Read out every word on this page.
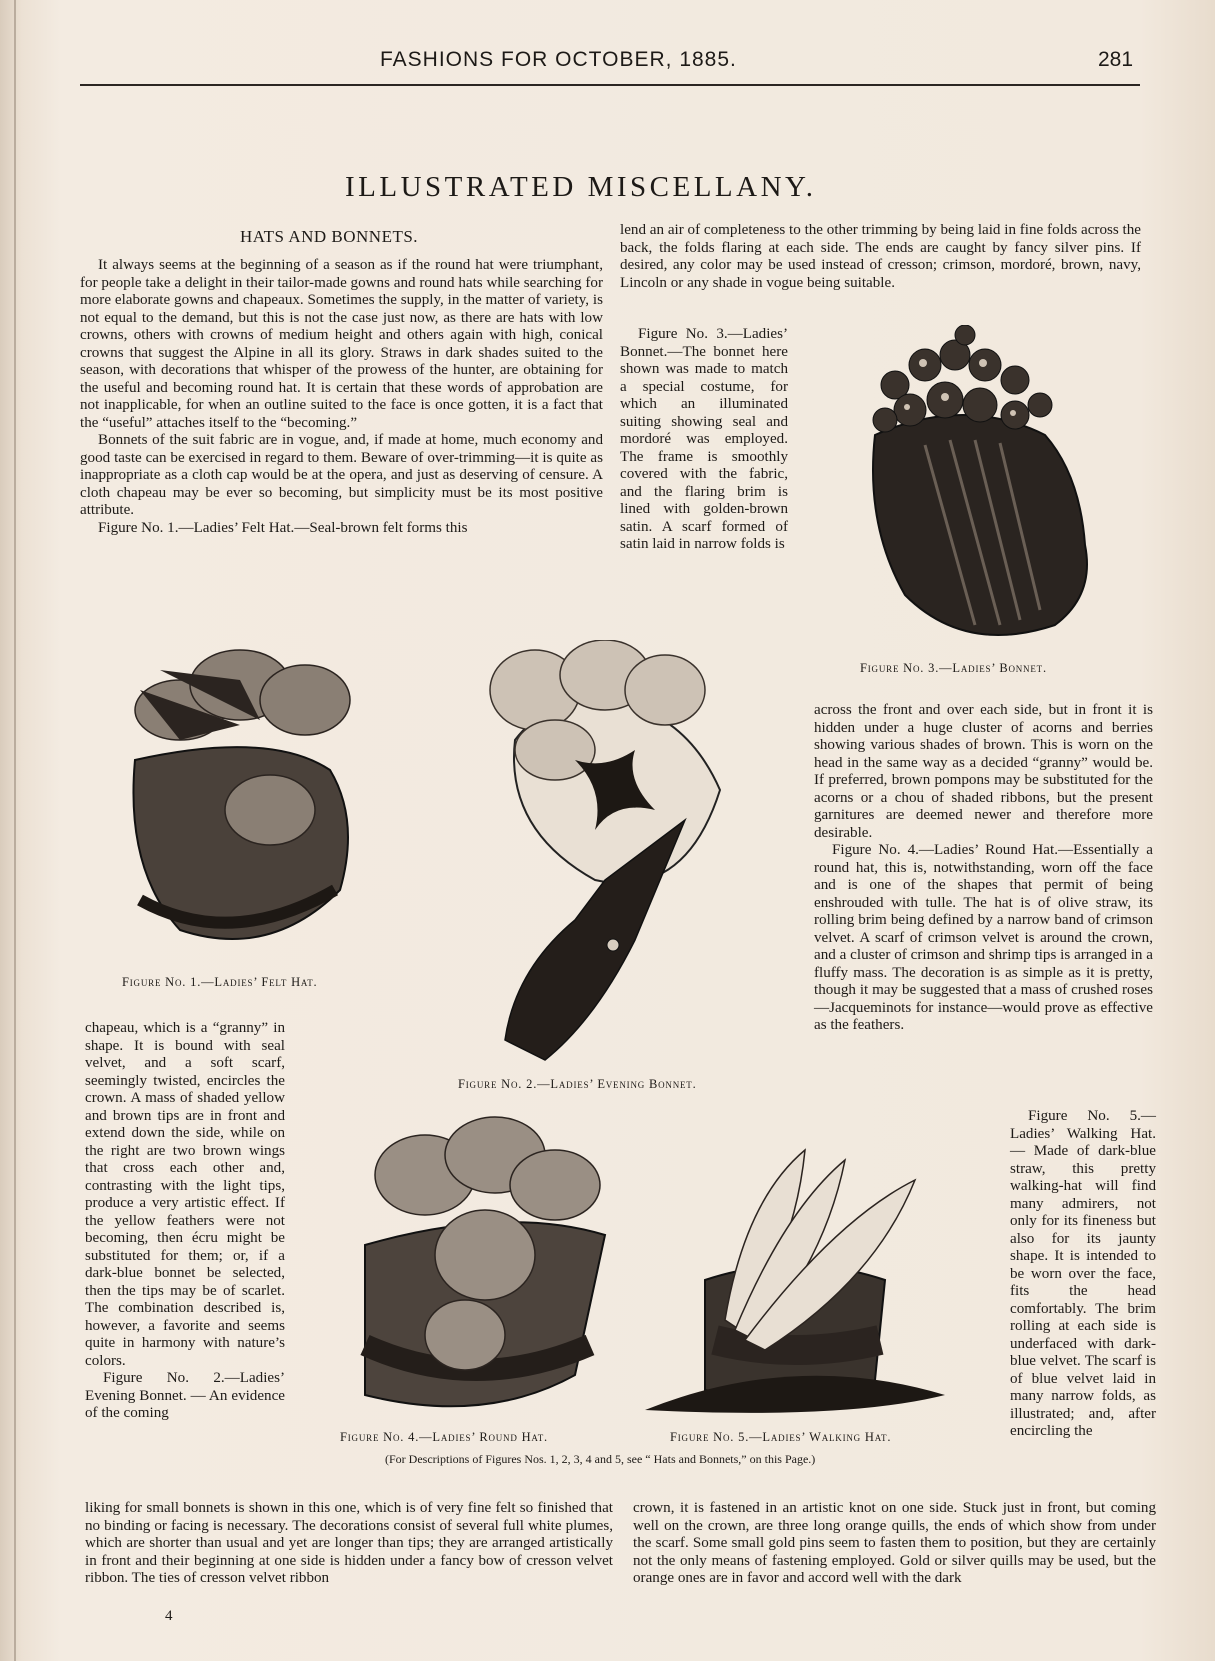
FASHIONS FOR OCTOBER, 1885.	281
ILLUSTRATED MISCELLANY.
HATS AND BONNETS.

It always seems at the beginning of a season as if the round hat were triumphant, for people take a delight in their tailor-made gowns and round hats while searching for more elaborate gowns and chapeaux. Sometimes the supply, in the matter of variety, is not equal to the demand, but this is not the case just now, as there are hats with low crowns, others with crowns of medium height and others again with high, conical crowns that suggest the Alpine in all its glory. Straws in dark shades suited to the season, with decorations that whisper of the prowess of the hunter, are obtaining for the useful and becoming round hat. It is certain that these words of approbation are not inapplicable, for when an outline suited to the face is once gotten, it is a fact that the “useful” attaches itself to the “becoming.”

Bonnets of the suit fabric are in vogue, and, if made at home, much economy and good taste can be exercised in regard to them. Beware of over-trimming—it is quite as inappropriate as a cloth cap would be at the opera, and just as deserving of censure. A cloth chapeau may be ever so becoming, but simplicity must be its most positive attribute.

Figure No. 1.—Ladies’ Felt Hat.—Seal-brown felt forms this

lend an air of completeness to the other trimming by being laid in fine folds across the back, the folds flaring at each side. The ends are caught by fancy silver pins. If desired, any color may be used instead of cresson; crimson, mordoré, brown, navy, Lincoln or any shade in vogue being suitable.

Figure No. 3.—Ladies’ Bonnet.—The bonnet here shown was made to match a special costume, for which an illuminated suiting showing seal and mordoré was employed. The frame is smoothly covered with the fabric, and the flaring brim is lined with golden-brown satin. A scarf formed of satin laid in narrow folds is

Figure No. 3.—Ladies’ Bonnet.
Figure No. 1.—Ladies’ Felt Hat.
Figure No. 2.—Ladies’ Evening Bonnet.

across the front and over each side, but in front it is hidden under a huge cluster of acorns and berries showing various shades of brown. This is worn on the head in the same way as a decided “granny” would be. If preferred, brown pompons may be substituted for the acorns or a chou of shaded ribbons, but the present garnitures are deemed newer and therefore more desirable.

Figure No. 4.—Ladies’ Round Hat.—Essentially a round hat, this is, notwithstanding, worn off the face and is one of the shapes that permit of being enshrouded with tulle. The hat is of olive straw, its rolling brim being defined by a narrow band of crimson velvet. A scarf of crimson velvet is around the crown, and a cluster of crimson and shrimp tips is arranged in a fluffy mass. The decoration is as simple as it is pretty, though it may be suggested that a mass of crushed roses—Jacqueminots for instance—would prove as effective as the feathers.

Figure No. 5.—Ladies’ Walking Hat. — Made of dark-blue straw, this pretty walking-hat will find many admirers, not only for its fineness but also for its jaunty shape. It is intended to be worn over the face, fits the head comfortably. The brim rolling at each side is underfaced with dark-blue velvet. The scarf is of blue velvet laid in many narrow folds, as illustrated; and, after encircling the

chapeau, which is a “granny” in shape. It is bound with seal velvet, and a soft scarf, seemingly twisted, encircles the crown. A mass of shaded yellow and brown tips are in front and extend down the side, while on the right are two brown wings that cross each other and, contrasting with the light tips, produce a very artistic effect. If the yellow feathers were not becoming, then écru might be substituted for them; or, if a dark-blue bonnet be selected, then the tips may be of scarlet. The combination described is, however, a favorite and seems quite in harmony with nature’s colors.

Figure No. 2.—Ladies’ Evening Bonnet. — An evidence of the coming

Figure No. 4.—Ladies’ Round Hat.	Figure No. 5.—Ladies’ Walking Hat.
(For Descriptions of Figures Nos. 1, 2, 3, 4 and 5, see “ Hats and Bonnets,” on this Page.)

liking for small bonnets is shown in this one, which is of very fine felt so finished that no binding or facing is necessary. The decorations consist of several full white plumes, which are shorter than usual and yet are longer than tips; they are arranged artistically in front and their beginning at one side is hidden under a fancy bow of cresson velvet ribbon. The ties of cresson velvet ribbon

crown, it is fastened in an artistic knot on one side. Stuck just in front, but coming well on the crown, are three long orange quills, the ends of which show from under the scarf. Some small gold pins seem to fasten them to position, but they are certainly not the only means of fastening employed. Gold or silver quills may be used, but the orange ones are in favor and accord well with the dark

4
